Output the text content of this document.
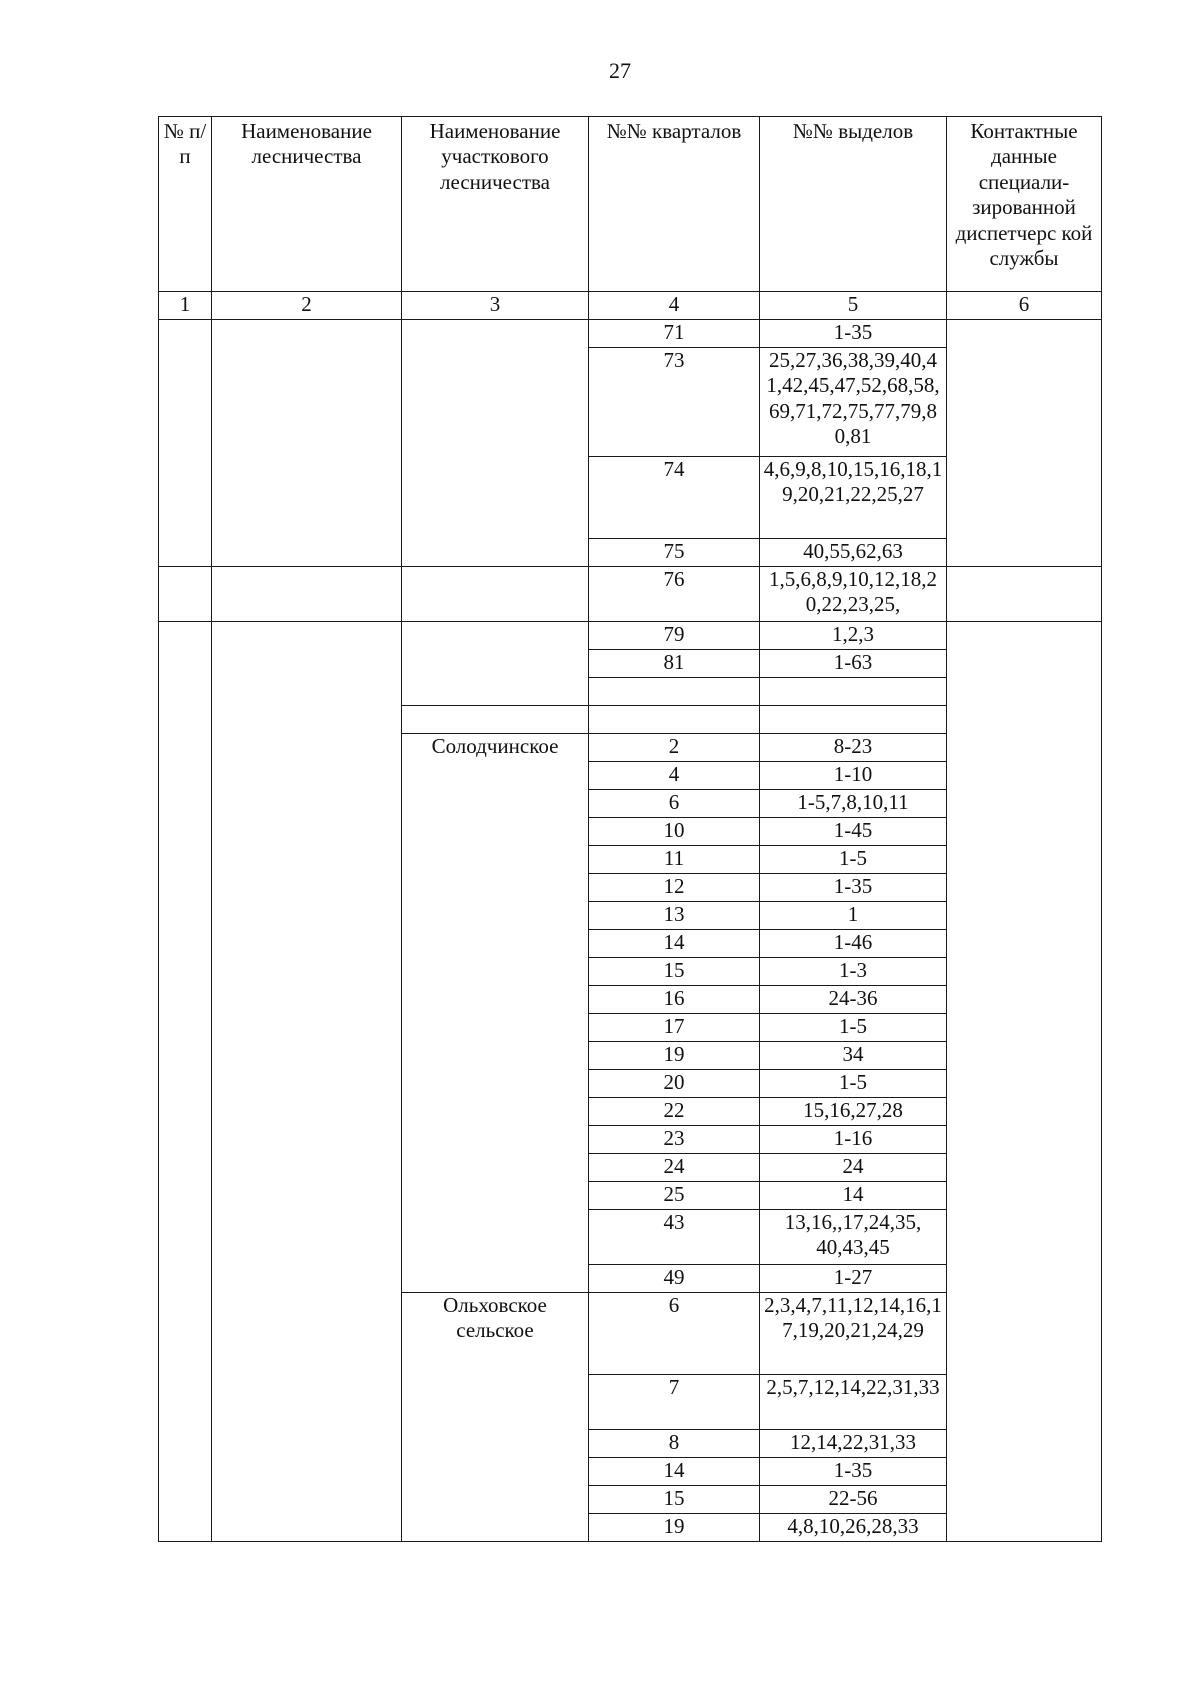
27
№ п/п	Наименование лесничества	Наименование участкового лесничества	№№ кварталов	№№ выделов	Контактные данные специали-зированной диспетчерс кой службы
1	2	3	4	5	6
			71	1-35	
			73	25,27,36,38,39,40,41,42,45,47,52,68,58,69,71,72,75,77,79,80,81	
			74	4,6,9,8,10,15,16,18,19,20,21,22,25,27	
			75	40,55,62,63	
			76	1,5,6,8,9,10,12,18,20,22,23,25,	
			79	1,2,3	
			81	1-63	

		Солодчинское	2	8-23	
			4	1-10	
			6	1-5,7,8,10,11	
			10	1-45	
			11	1-5	
			12	1-35	
			13	1	
			14	1-46	
			15	1-3	
			16	24-36	
			17	1-5	
			19	34	
			20	1-5	
			22	15,16,27,28	
			23	1-16	
			24	24	
			25	14	
			43	13,16,,17,24,35, 40,43,45	
			49	1-27	
		Ольховское сельское	6	2,3,4,7,11,12,14,16,17,19,20,21,24,29	
			7	2,5,7,12,14,22,31,33	
			8	12,14,22,31,33	
			14	1-35	
			15	22-56	
			19	4,8,10,26,28,33	
